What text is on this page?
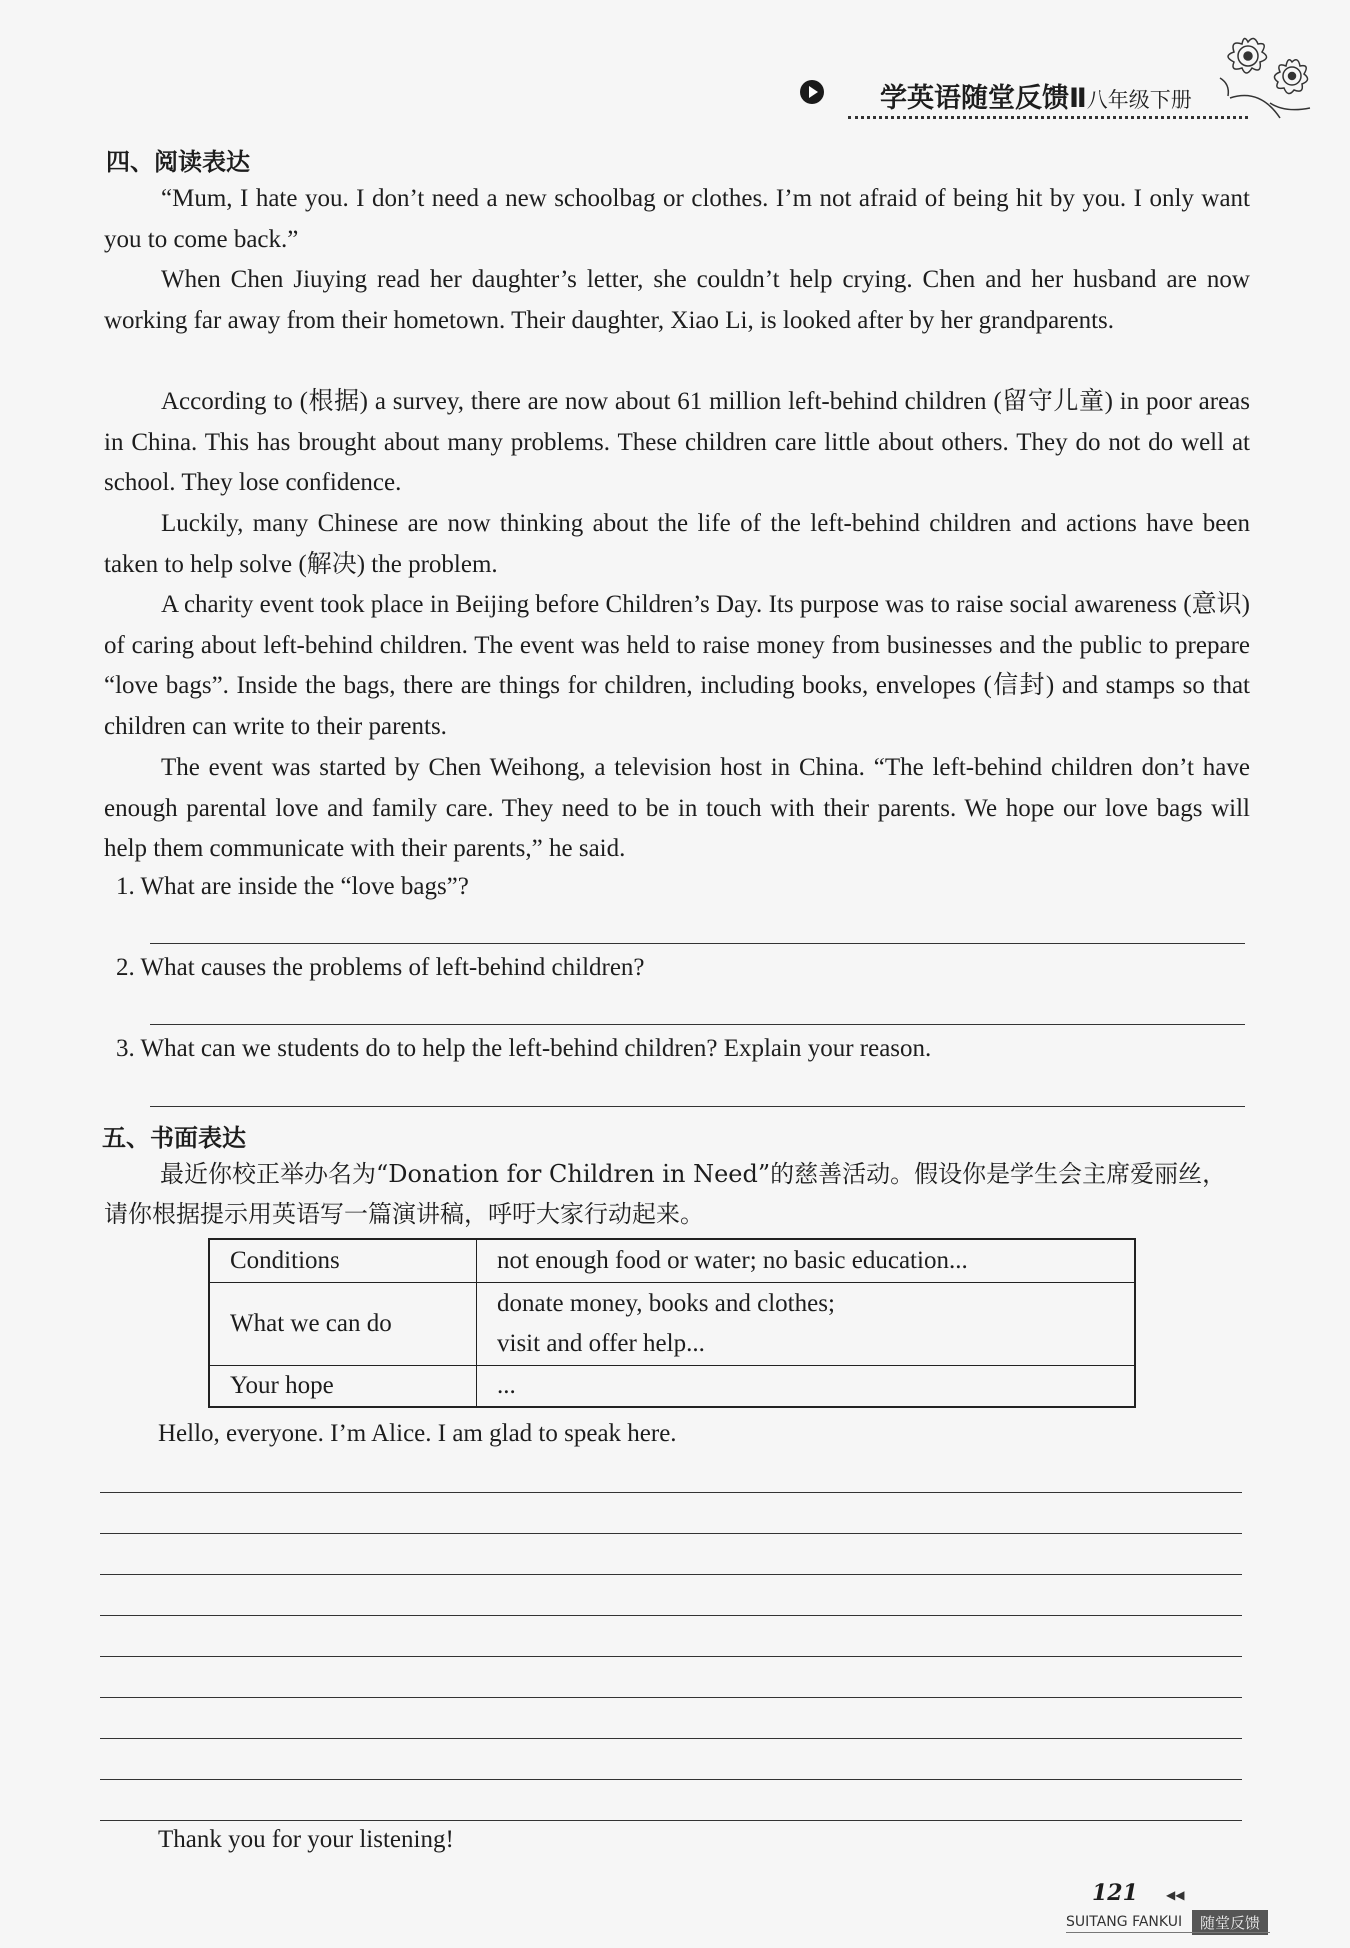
学英语随堂反馈Ⅱ八年级下册
四、阅读表达
“Mum, I hate you. I don’t need a new schoolbag or clothes. I’m not afraid of being hit by you. I only want you to come back.”
When Chen Jiuying read her daughter’s letter, she couldn’t help crying. Chen and her husband are now working far away from their hometown. Their daughter, Xiao Li, is looked after by her grandparents.
According to (根据) a survey, there are now about 61 million left-behind children (留守儿童) in poor areas in China. This has brought about many problems. These children care little about others. They do not do well at school. They lose confidence.
Luckily, many Chinese are now thinking about the life of the left-behind children and actions have been taken to help solve (解决) the problem.
A charity event took place in Beijing before Children’s Day. Its purpose was to raise social awareness (意识) of caring about left-behind children. The event was held to raise money from businesses and the public to prepare “love bags”. Inside the bags, there are things for children, including books, envelopes (信封) and stamps so that children can write to their parents.
The event was started by Chen Weihong, a television host in China. “The left-behind children don’t have enough parental love and family care. They need to be in touch with their parents. We hope our love bags will help them communicate with their parents,” he said.
1. What are inside the “love bags”?
2. What causes the problems of left-behind children?
3. What can we students do to help the left-behind children? Explain your reason.
五、书面表达
最近你校正举办名为“Donation for Children in Need”的慈善活动。假设你是学生会主席爱丽丝，请你根据提示用英语写一篇演讲稿，呼吁大家行动起来。
Conditions	not enough food or water; no basic education...
What we can do	donate money, books and clothes;
visit and offer help...

Your hope	...
Hello, everyone. I’m Alice. I am glad to speak here.
Thank you for your listening!
121 ◀◀
SUITANG FANKUI	随堂反馈
